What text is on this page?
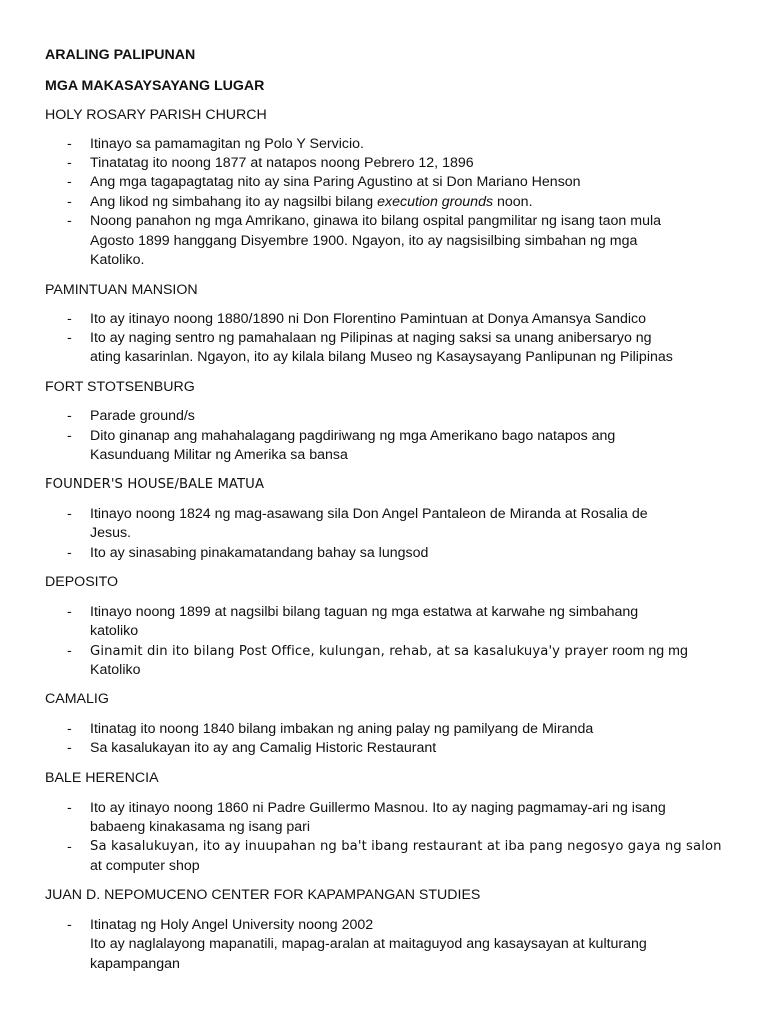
ARALING PALIPUNAN
MGA MAKASAYSAYANG LUGAR
HOLY ROSARY PARISH CHURCH
- Itinayo sa pamamagitan ng Polo Y Servicio.
- Tinatatag ito noong 1877 at natapos noong Pebrero 12, 1896
- Ang mga tagapagtatag nito ay sina Paring Agustino at si Don Mariano Henson
- Ang likod ng simbahang ito ay nagsilbi bilang execution grounds noon.
- Noong panahon ng mga Amrikano, ginawa ito bilang ospital pangmilitar ng isang taon mula
Agosto 1899 hanggang Disyembre 1900. Ngayon, ito ay nagsisilbing simbahan ng mga
Katoliko.
PAMINTUAN MANSION
- Ito ay itinayo noong 1880/1890 ni Don Florentino Pamintuan at Donya Amansya Sandico
- Ito ay naging sentro ng pamahalaan ng Pilipinas at naging saksi sa unang anibersaryo ng
ating kasarinlan. Ngayon, ito ay kilala bilang Museo ng Kasaysayang Panlipunan ng Pilipinas
FORT STOTSENBURG
- Parade ground/s
- Dito ginanap ang mahahalagang pagdiriwang ng mga Amerikano bago natapos ang
Kasunduang Militar ng Amerika sa bansa
FOUNDER'S HOUSE/BALE MATUA
- Itinayo noong 1824 ng mag-asawang sila Don Angel Pantaleon de Miranda at Rosalia de
Jesus.
- Ito ay sinasabing pinakamatandang bahay sa lungsod
DEPOSITO
- Itinayo noong 1899 at nagsilbi bilang taguan ng mga estatwa at karwahe ng simbahang
katoliko
- Ginamit din ito bilang Post Office, kulungan, rehab, at sa kasalukuya'y prayer room ng mg
Katoliko
CAMALIG
- Itinatag ito noong 1840 bilang imbakan ng aning palay ng pamilyang de Miranda
- Sa kasalukayan ito ay ang Camalig Historic Restaurant
BALE HERENCIA
- Ito ay itinayo noong 1860 ni Padre Guillermo Masnou. Ito ay naging pagmamay-ari ng isang
babaeng kinakasama ng isang pari
- Sa kasalukuyan, ito ay inuupahan ng ba't ibang restaurant at iba pang negosyo gaya ng salon
at computer shop
JUAN D. NEPOMUCENO CENTER FOR KAPAMPANGAN STUDIES
- Itinatag ng Holy Angel University noong 2002
Ito ay naglalayong mapanatili, mapag-aralan at maitaguyod ang kasaysayan at kulturang
kapampangan
